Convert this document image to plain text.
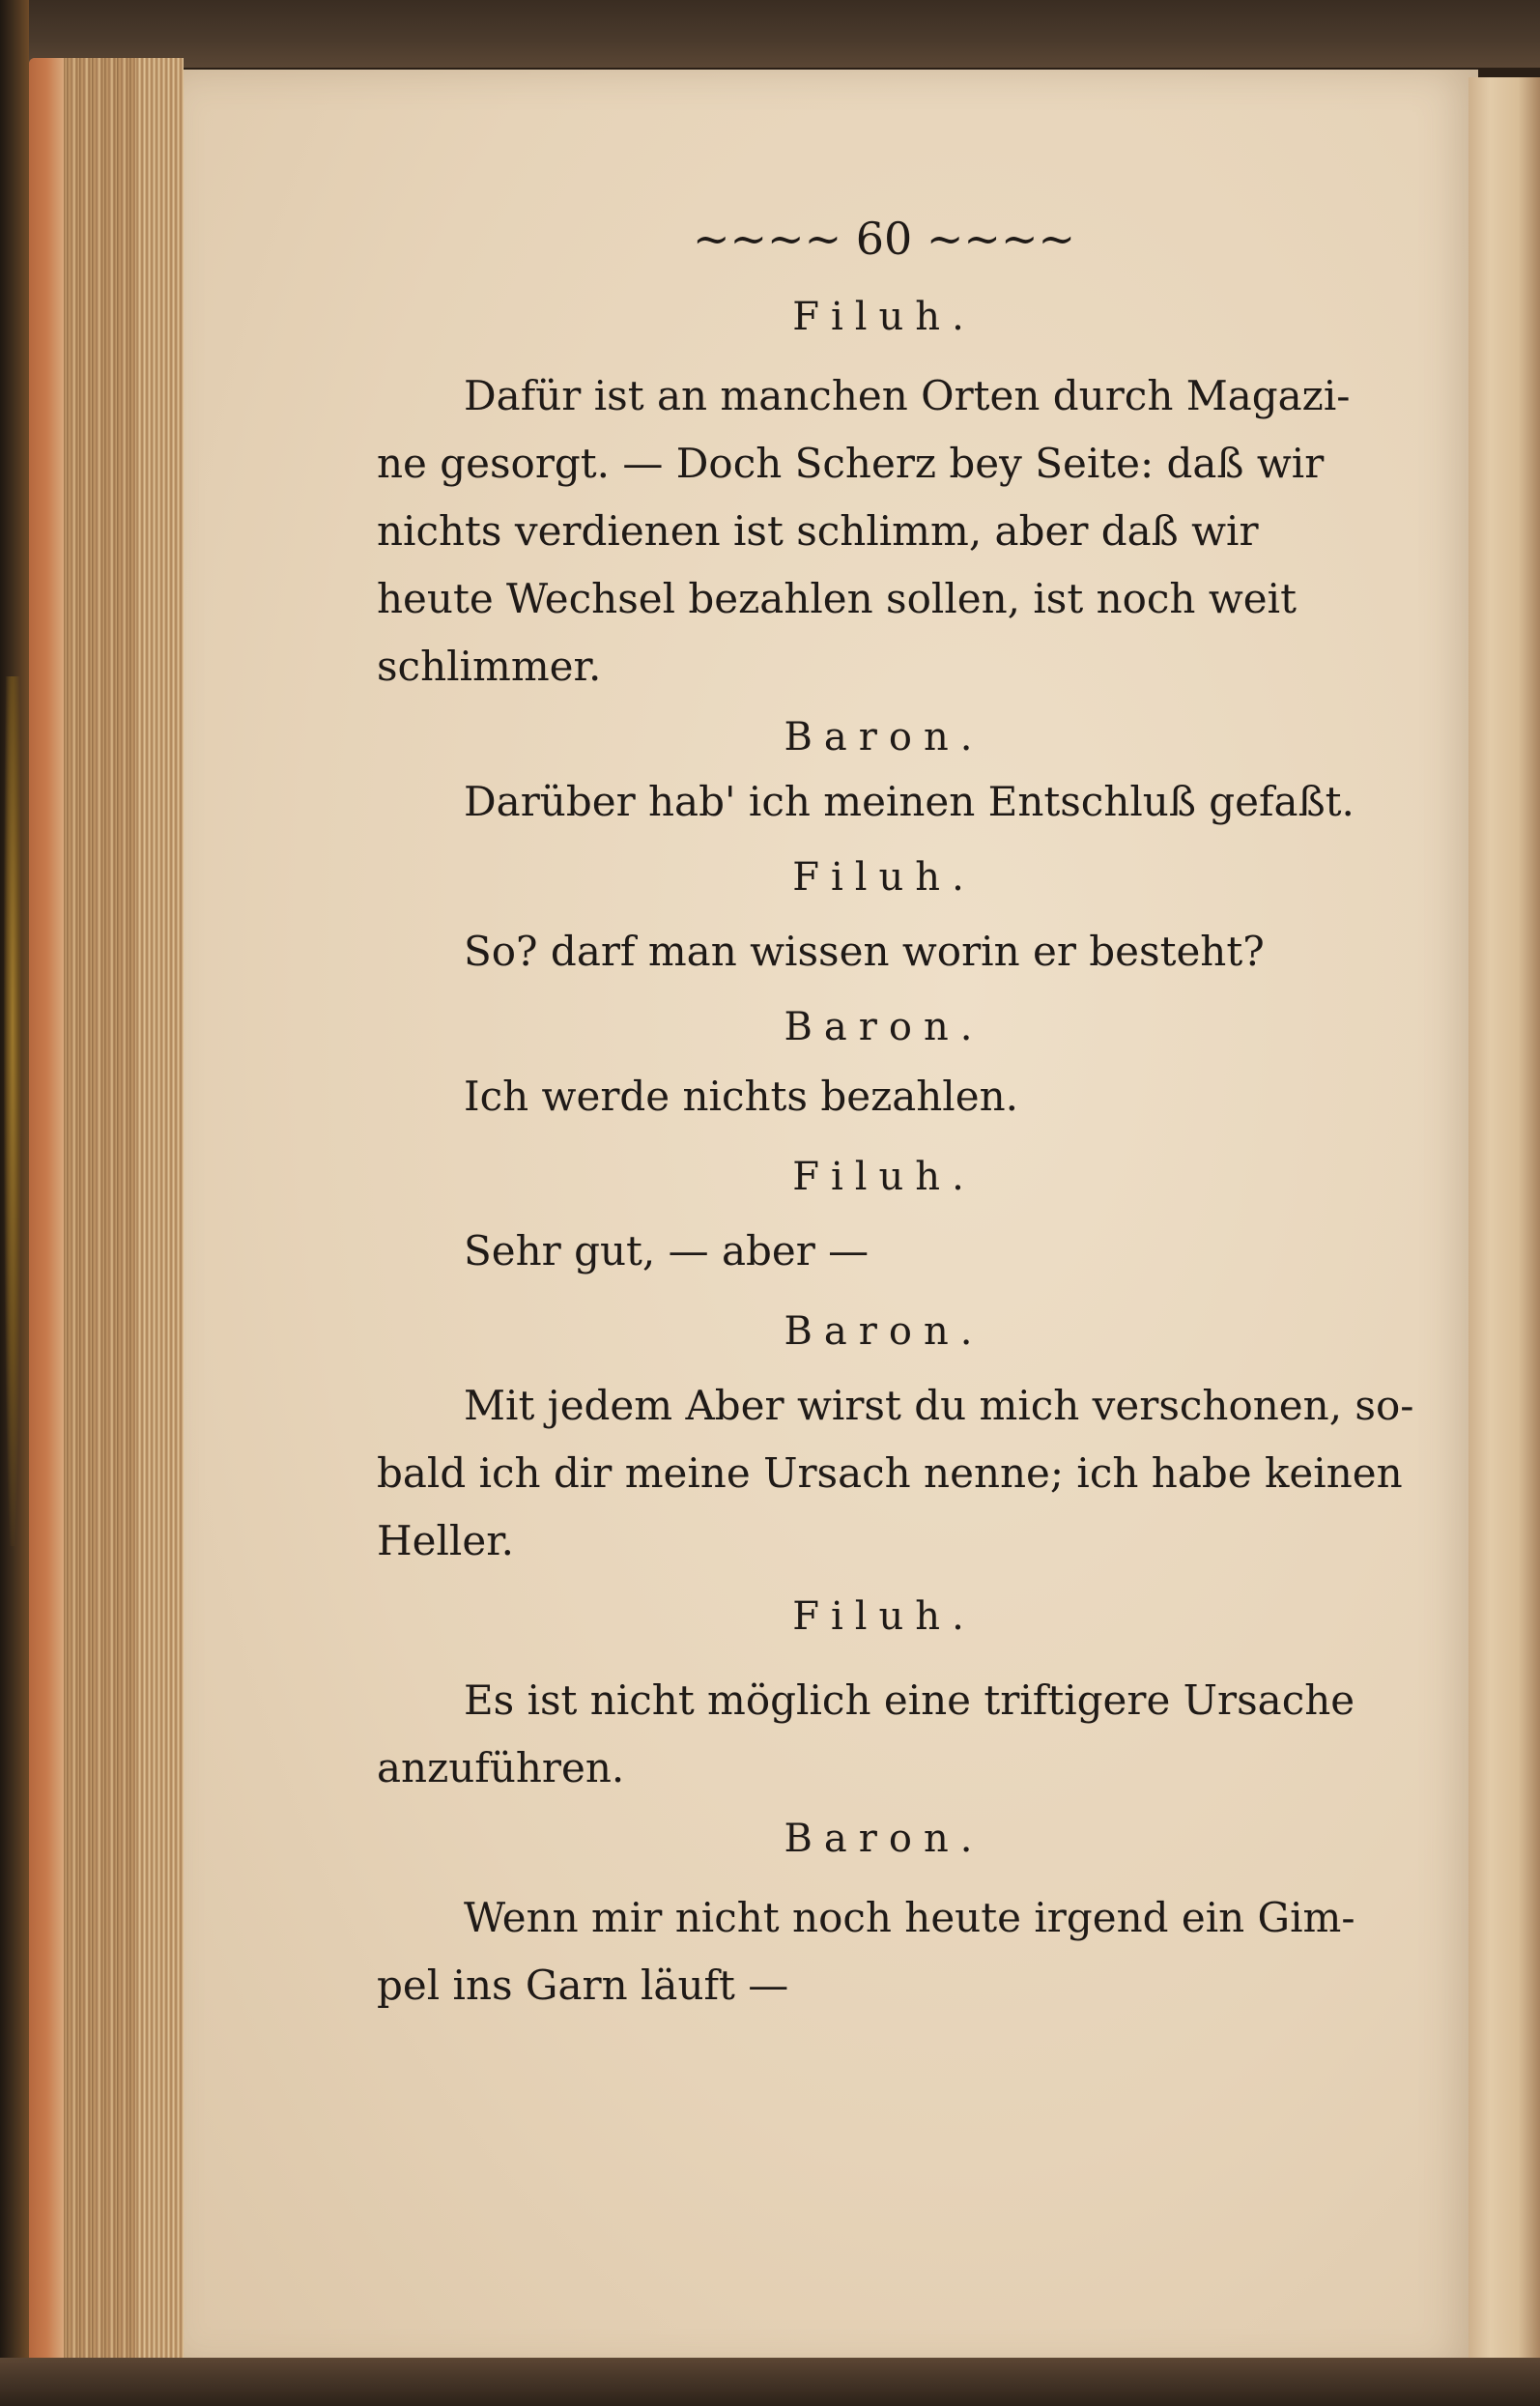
~~~~ 60 ~~~~
Filuh.
Dafür ist an manchen Orten durch Magazi-
ne gesorgt. — Doch Scherz bey Seite: daß wir
nichts verdienen ist schlimm, aber daß wir
heute Wechsel bezahlen sollen, ist noch weit
schlimmer.
Baron.
Darüber hab' ich meinen Entschluß gefaßt.
Filuh.
So? darf man wissen worin er besteht?
Baron.
Ich werde nichts bezahlen.
Filuh.
Sehr gut, — aber —
Baron.
Mit jedem Aber wirst du mich verschonen, so-
bald ich dir meine Ursach nenne; ich habe keinen
Heller.
Filuh.
Es ist nicht möglich eine triftigere Ursache
anzuführen.
Baron.
Wenn mir nicht noch heute irgend ein Gim-
pel ins Garn läuft —
